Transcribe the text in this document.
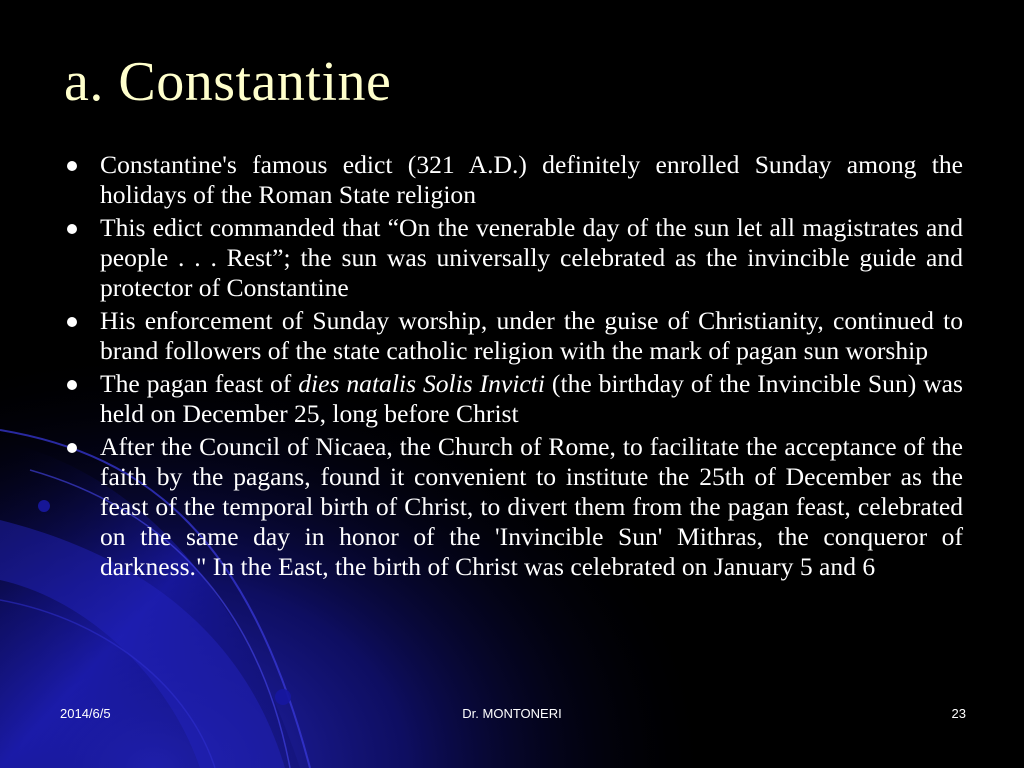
a. Constantine
Constantine's famous edict (321 A.D.) definitely enrolled Sunday among the holidays of the Roman State religion
This edict commanded that “On the venerable day of the sun let all magistrates and people . . . Rest”; the sun was universally celebrated as the invincible guide and protector of Constantine
His enforcement of Sunday worship, under the guise of Christianity, continued to brand followers of the state catholic religion with the mark of pagan sun worship
The pagan feast of dies natalis Solis Invicti (the birthday of the Invincible Sun) was held on December 25, long before Christ
After the Council of Nicaea, the Church of Rome, to facilitate the acceptance of the faith by the pagans, found it convenient to institute the 25th of December as the feast of the temporal birth of Christ, to divert them from the pagan feast, celebrated on the same day in honor of the 'Invincible Sun' Mithras, the conqueror of darkness." In the East, the birth of Christ was celebrated on January 5 and 6
2014/6/5	Dr. MONTONERI	23
